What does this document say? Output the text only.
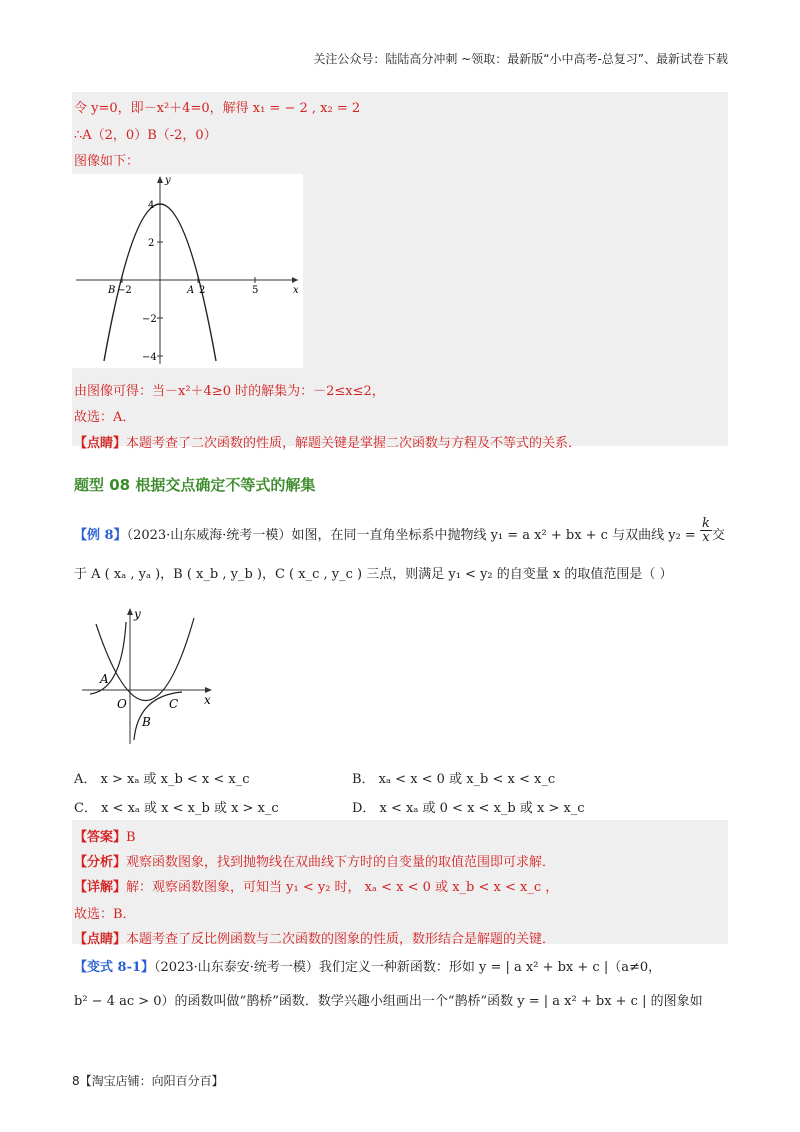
关注公众号：陆陆高分冲刺 ~领取：最新版“小中高考-总复习”、最新试卷下载
令 y=0，即－x²＋4=0，解得 x₁ = − 2 , x₂ = 2
∴A（2，0）B（-2，0）
图像如下：
y
x
4
2
−2
−4
B −2	A 2	5
由图像可得：当－x²＋4≥0 时的解集为：－2≤x≤2，
故选：A．
【点睛】本题考查了二次函数的性质，解题关键是掌握二次函数与方程及不等式的关系．
题型 08 根据交点确定不等式的解集
【例 8】（2023·山东威海·统考一模）如图，在同一直角坐标系中抛物线 y₁ = a x² + bx + c 与双曲线 $y_2 = \frac{k}{x}$ 交
于 A ( xₐ , yₐ )，B ( x_b , y_b )，C ( x_c , y_c ) 三点，则满足 y₁ < y₂ 的自变量 x 的取值范围是（ ）
y
x
O
A
B
C
A． x > xₐ 或 x_b < x < x_c	B． xₐ < x < 0 或 x_b < x < x_c
C． x < xₐ 或 x < x_b 或 x > x_c	D． x < xₐ 或 0 < x < x_b 或 x > x_c
【答案】B
【分析】观察函数图象，找到抛物线在双曲线下方时的自变量的取值范围即可求解．
【详解】解：观察函数图象，可知当 y₁ < y₂ 时， xₐ < x < 0 或 x_b < x < x_c ，
故选：B．
【点睛】本题考查了反比例函数与二次函数的图象的性质，数形结合是解题的关键．
【变式 8-1】（2023·山东泰安·统考一模）我们定义一种新函数：形如 y = | a x² + bx + c |（a≠0，
b² − 4 ac > 0）的函数叫做“鹊桥”函数．数学兴趣小组画出一个“鹊桥”函数 y = | a x² + bx + c | 的图象如
8【淘宝店铺：向阳百分百】
